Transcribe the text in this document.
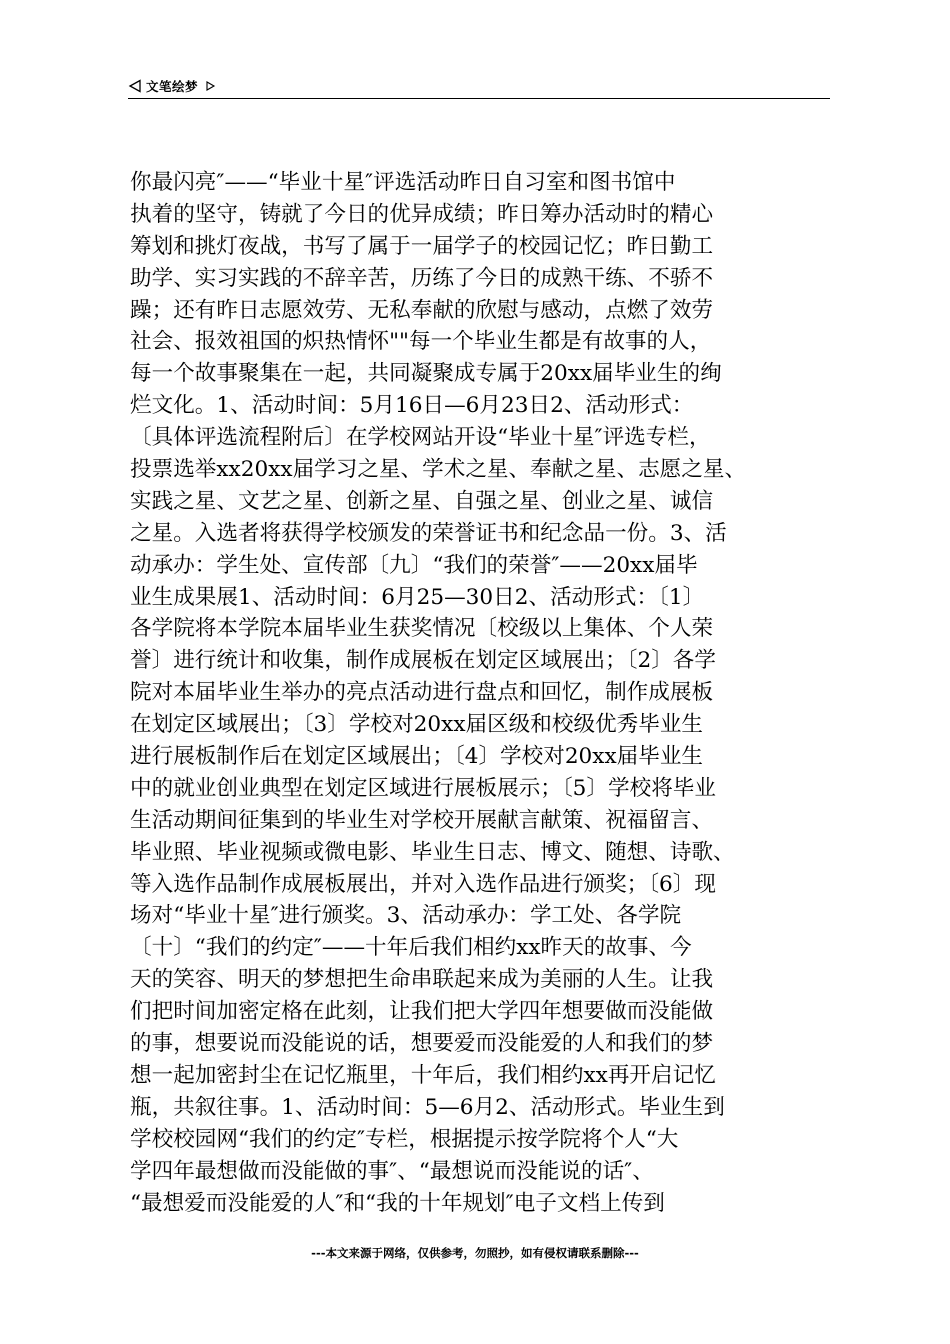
文笔绘梦
你最闪亮″——“毕业十星″评选活动昨日自习室和图书馆中
执着的坚守，铸就了今日的优异成绩；昨日筹办活动时的精心
筹划和挑灯夜战，书写了属于一届学子的校园记忆；昨日勤工
助学、实习实践的不辞辛苦，历练了今日的成熟干练、不骄不
躁；还有昨日志愿效劳、无私奉献的欣慰与感动，点燃了效劳
社会、报效祖国的炽热情怀""每一个毕业生都是有故事的人，
每一个故事聚集在一起，共同凝聚成专属于20xx届毕业生的绚
烂文化。1、活动时间：5月16日—6月23日2、活动形式：
〔具体评选流程附后〕在学校网站开设“毕业十星″评选专栏，
投票选举xx20xx届学习之星、学术之星、奉献之星、志愿之星、
实践之星、文艺之星、创新之星、自强之星、创业之星、诚信
之星。入选者将获得学校颁发的荣誉证书和纪念品一份。3、活
动承办：学生处、宣传部〔九〕“我们的荣誉″——20xx届毕
业生成果展1、活动时间：6月25—30日2、活动形式：〔1〕
各学院将本学院本届毕业生获奖情况〔校级以上集体、个人荣
誉〕进行统计和收集，制作成展板在划定区域展出；〔2〕各学
院对本届毕业生举办的亮点活动进行盘点和回忆，制作成展板
在划定区域展出；〔3〕学校对20xx届区级和校级优秀毕业生
进行展板制作后在划定区域展出；〔4〕学校对20xx届毕业生
中的就业创业典型在划定区域进行展板展示；〔5〕学校将毕业
生活动期间征集到的毕业生对学校开展献言献策、祝福留言、
毕业照、毕业视频或微电影、毕业生日志、博文、随想、诗歌、
等入选作品制作成展板展出，并对入选作品进行颁奖；〔6〕现
场对“毕业十星″进行颁奖。3、活动承办：学工处、各学院
〔十〕“我们的约定″——十年后我们相约xx昨天的故事、今
天的笑容、明天的梦想把生命串联起来成为美丽的人生。让我
们把时间加密定格在此刻，让我们把大学四年想要做而没能做
的事，想要说而没能说的话，想要爱而没能爱的人和我们的梦
想一起加密封尘在记忆瓶里，十年后，我们相约xx再开启记忆
瓶，共叙往事。1、活动时间：5—6月2、活动形式。毕业生到
学校校园网“我们的约定″专栏，根据提示按学院将个人“大
学四年最想做而没能做的事″、“最想说而没能说的话″、
“最想爱而没能爱的人″和“我的十年规划″电子文档上传到
---本文来源于网络，仅供参考，勿照抄，如有侵权请联系删除---
